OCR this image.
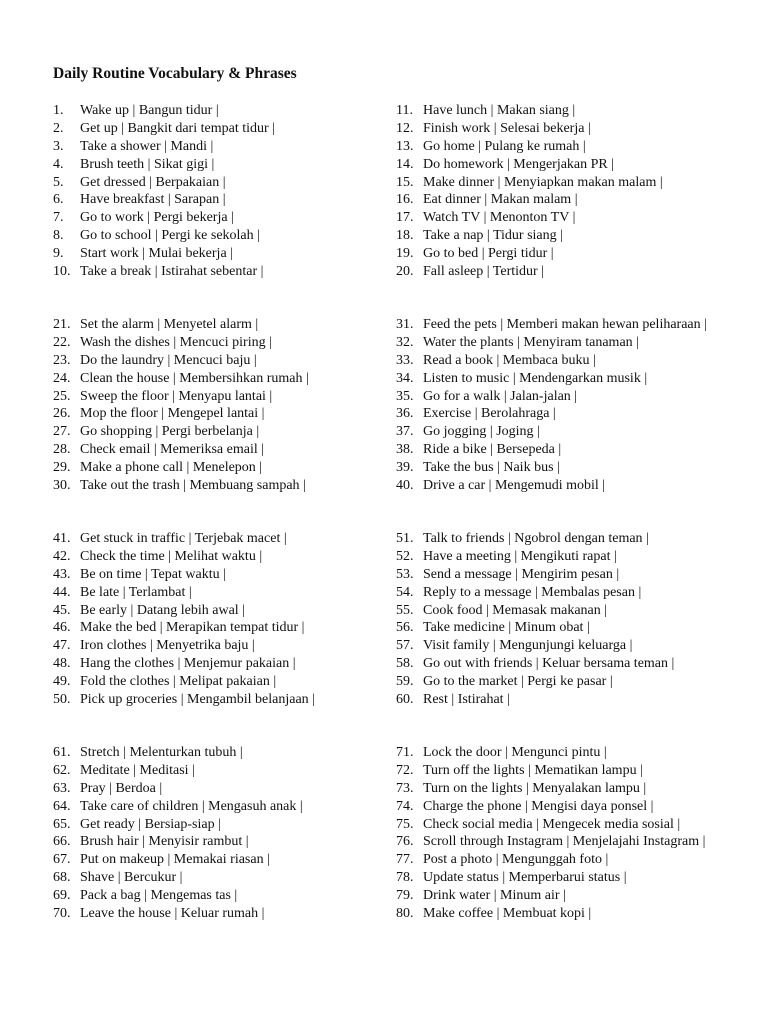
Daily Routine Vocabulary & Phrases
1. Wake up | Bangun tidur |
2. Get up | Bangkit dari tempat tidur |
3. Take a shower | Mandi |
4. Brush teeth | Sikat gigi |
5. Get dressed | Berpakaian |
6. Have breakfast | Sarapan |
7. Go to work | Pergi bekerja |
8. Go to school | Pergi ke sekolah |
9. Start work | Mulai bekerja |
10. Take a break | Istirahat sebentar |
11. Have lunch | Makan siang |
12. Finish work | Selesai bekerja |
13. Go home | Pulang ke rumah |
14. Do homework | Mengerjakan PR |
15. Make dinner | Menyiapkan makan malam |
16. Eat dinner | Makan malam |
17. Watch TV | Menonton TV |
18. Take a nap | Tidur siang |
19. Go to bed | Pergi tidur |
20. Fall asleep | Tertidur |
21. Set the alarm | Menyetel alarm |
22. Wash the dishes | Mencuci piring |
23. Do the laundry | Mencuci baju |
24. Clean the house | Membersihkan rumah |
25. Sweep the floor | Menyapu lantai |
26. Mop the floor | Mengepel lantai |
27. Go shopping | Pergi berbelanja |
28. Check email | Memeriksa email |
29. Make a phone call | Menelepon |
30. Take out the trash | Membuang sampah |
31. Feed the pets | Memberi makan hewan peliharaan |
32. Water the plants | Menyiram tanaman |
33. Read a book | Membaca buku |
34. Listen to music | Mendengarkan musik |
35. Go for a walk | Jalan-jalan |
36. Exercise | Berolahraga |
37. Go jogging | Joging |
38. Ride a bike | Bersepeda |
39. Take the bus | Naik bus |
40. Drive a car | Mengemudi mobil |
41. Get stuck in traffic | Terjebak macet |
42. Check the time | Melihat waktu |
43. Be on time | Tepat waktu |
44. Be late | Terlambat |
45. Be early | Datang lebih awal |
46. Make the bed | Merapikan tempat tidur |
47. Iron clothes | Menyetrika baju |
48. Hang the clothes | Menjemur pakaian |
49. Fold the clothes | Melipat pakaian |
50. Pick up groceries | Mengambil belanjaan |
51. Talk to friends | Ngobrol dengan teman |
52. Have a meeting | Mengikuti rapat |
53. Send a message | Mengirim pesan |
54. Reply to a message | Membalas pesan |
55. Cook food | Memasak makanan |
56. Take medicine | Minum obat |
57. Visit family | Mengunjungi keluarga |
58. Go out with friends | Keluar bersama teman |
59. Go to the market | Pergi ke pasar |
60. Rest | Istirahat |
61. Stretch | Melenturkan tubuh |
62. Meditate | Meditasi |
63. Pray | Berdoa |
64. Take care of children | Mengasuh anak |
65. Get ready | Bersiap-siap |
66. Brush hair | Menyisir rambut |
67. Put on makeup | Memakai riasan |
68. Shave | Bercukur |
69. Pack a bag | Mengemas tas |
70. Leave the house | Keluar rumah |
71. Lock the door | Mengunci pintu |
72. Turn off the lights | Mematikan lampu |
73. Turn on the lights | Menyalakan lampu |
74. Charge the phone | Mengisi daya ponsel |
75. Check social media | Mengecek media sosial |
76. Scroll through Instagram | Menjelajahi Instagram |
77. Post a photo | Mengunggah foto |
78. Update status | Memperbarui status |
79. Drink water | Minum air |
80. Make coffee | Membuat kopi |
